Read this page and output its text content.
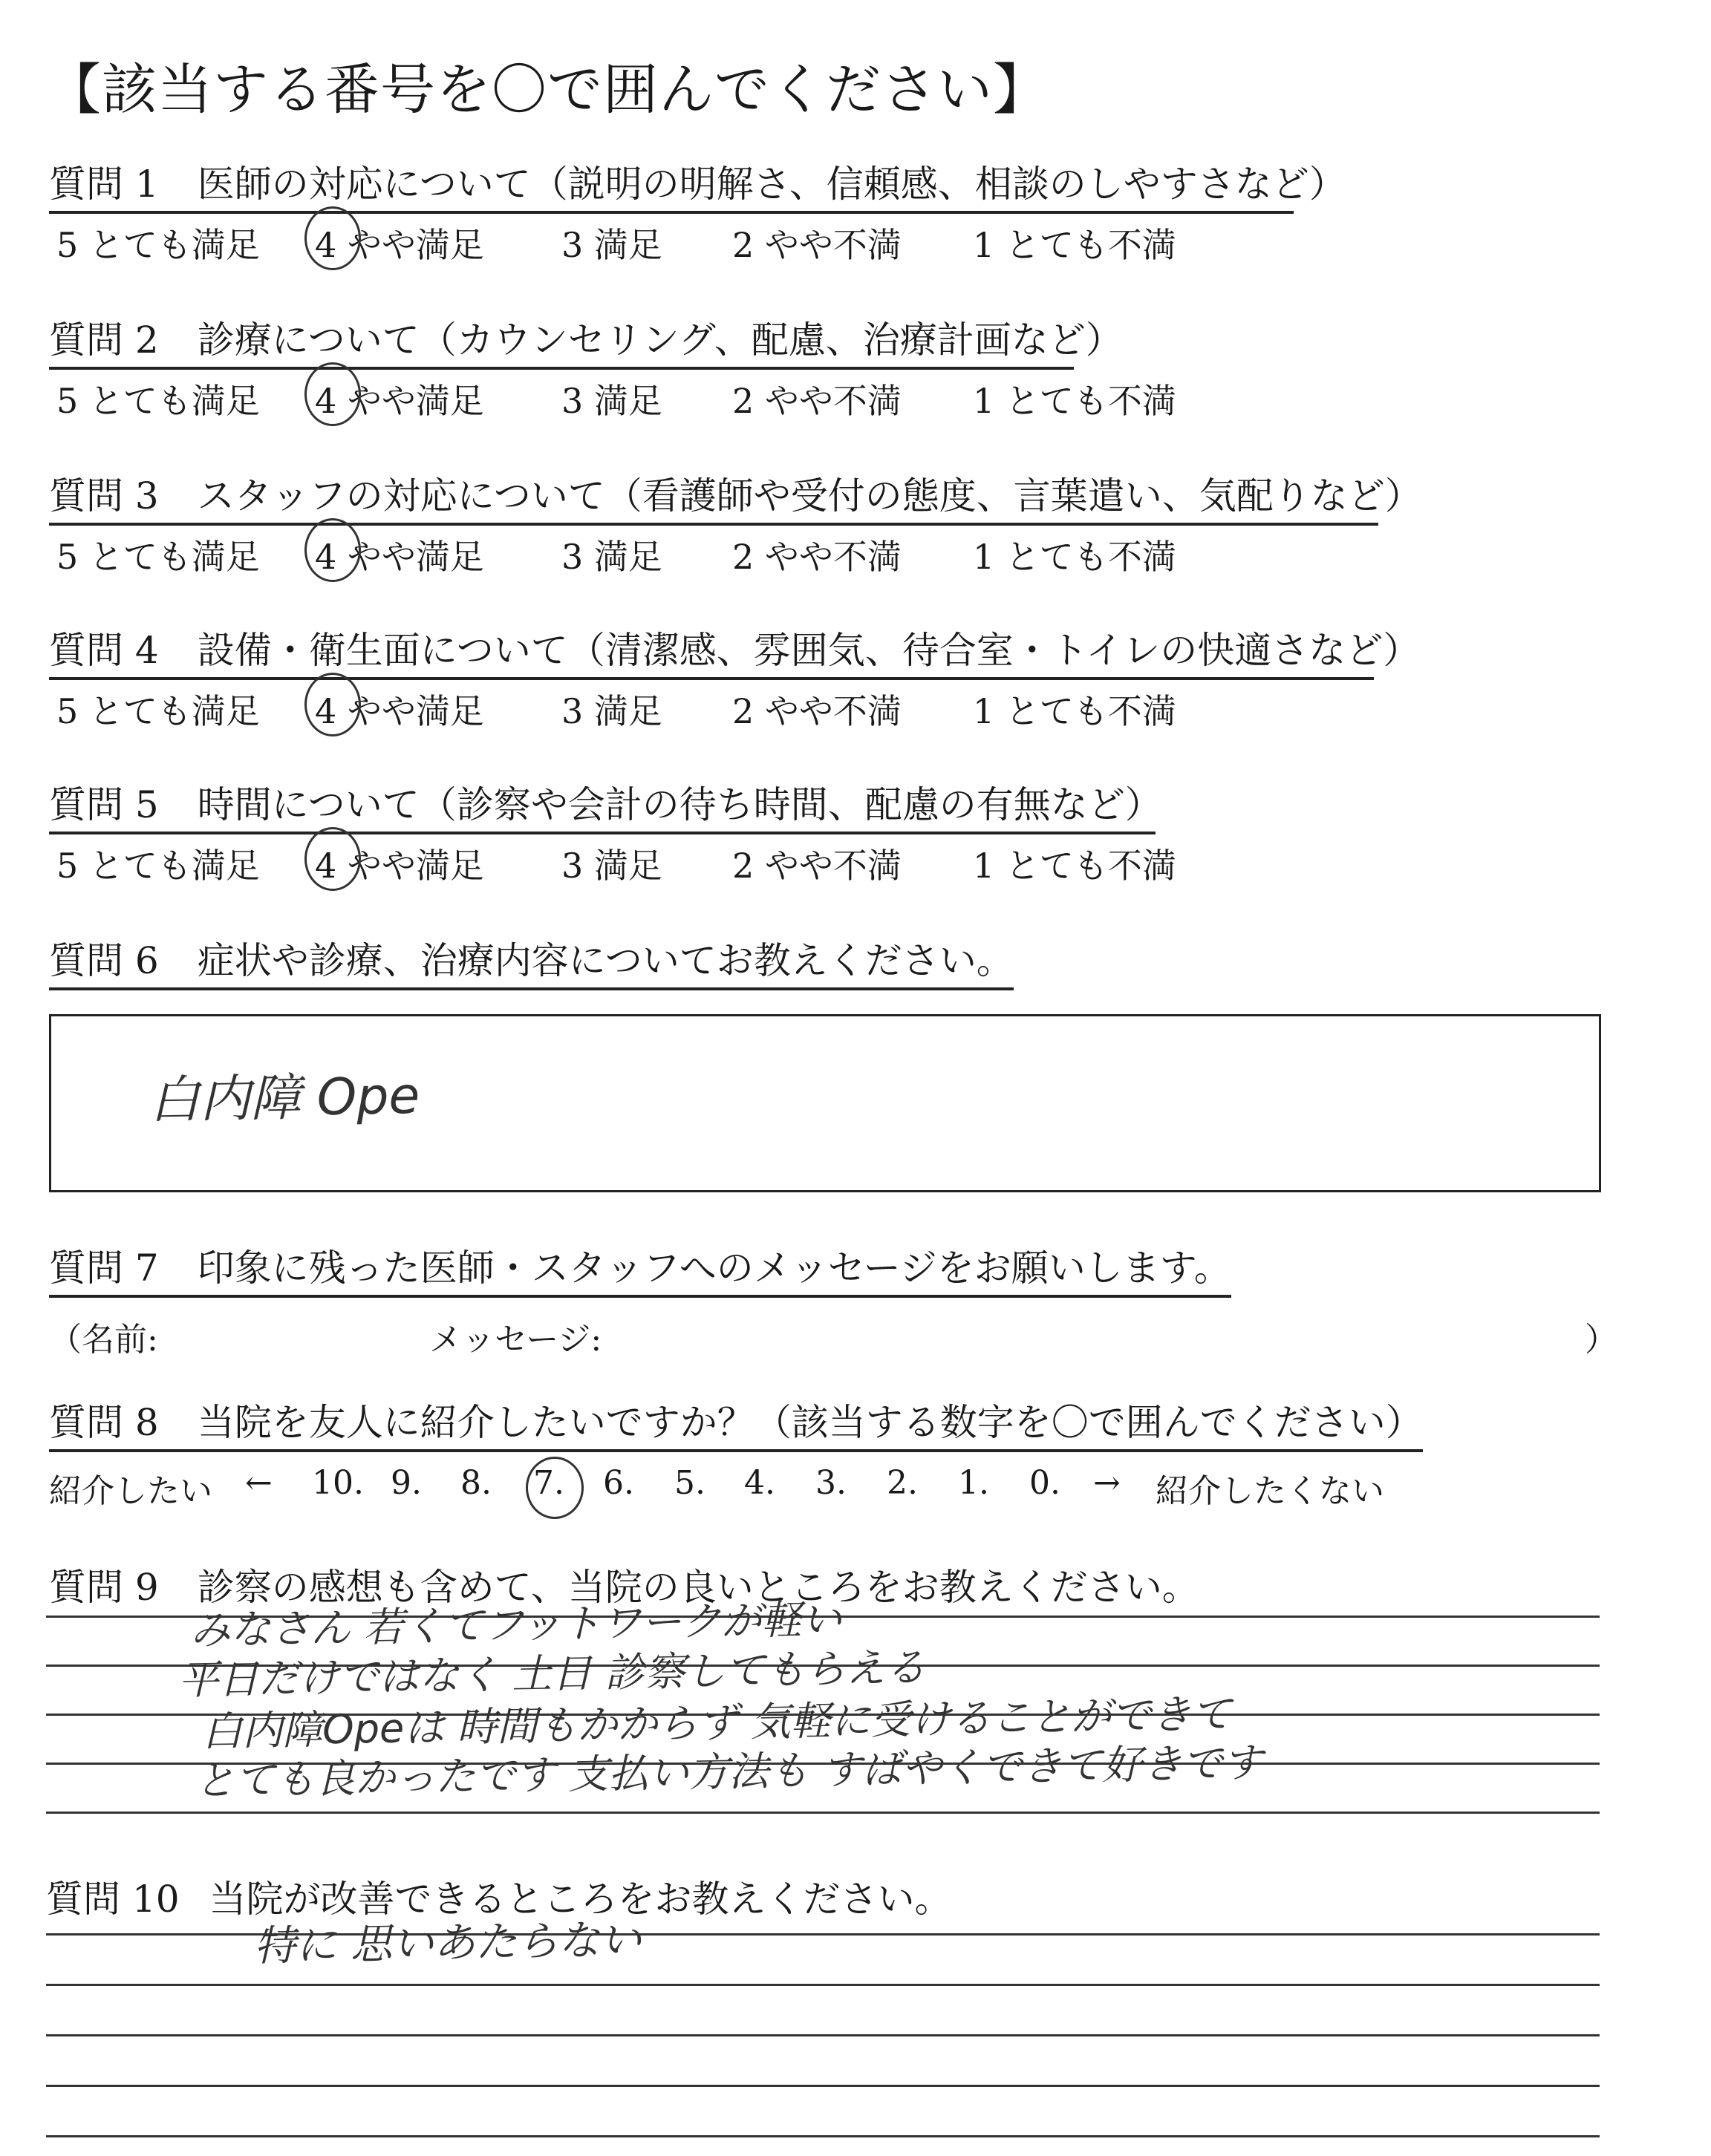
【該当する番号を〇で囲んでください】
質問 1 医師の対応について（説明の明解さ、信頼感、相談のしやすさなど）
5 とても満足 4 やや満足 3 満足 2 やや不満 1 とても不満
質問 2 診療について（カウンセリング、配慮、治療計画など）
5 とても満足 4 やや満足 3 満足 2 やや不満 1 とても不満
質問 3 スタッフの対応について（看護師や受付の態度、言葉遣い、気配りなど）
5 とても満足 4 やや満足 3 満足 2 やや不満 1 とても不満
質問 4 設備・衛生面について（清潔感、雰囲気、待合室・トイレの快適さなど）
5 とても満足 4 やや満足 3 満足 2 やや不満 1 とても不満
質問 5 時間について（診察や会計の待ち時間、配慮の有無など）
5 とても満足 4 やや満足 3 満足 2 やや不満 1 とても不満
質問 6 症状や診療、治療内容についてお教えください。
白内障 Ope
質問 7 印象に残った医師・スタッフへのメッセージをお願いします。
（名前:	メッセージ:	）
質問 8 当院を友人に紹介したいですか？（該当する数字を〇で囲んでください）
紹介したい ← 10. 9. 8. 7. 6. 5. 4. 3. 2. 1. 0. → 紹介したくない
質問 9 診察の感想も含めて、当院の良いところをお教えください。
みなさん 若くてフットワークが軽い
平日だけではなく 土日 診察してもらえる
白内障Opeは 時間もかからず 気軽に受けることができて
とても良かったです 支払い方法も すばやくできて好きです
質問 10 当院が改善できるところをお教えください。
特に 思いあたらない
